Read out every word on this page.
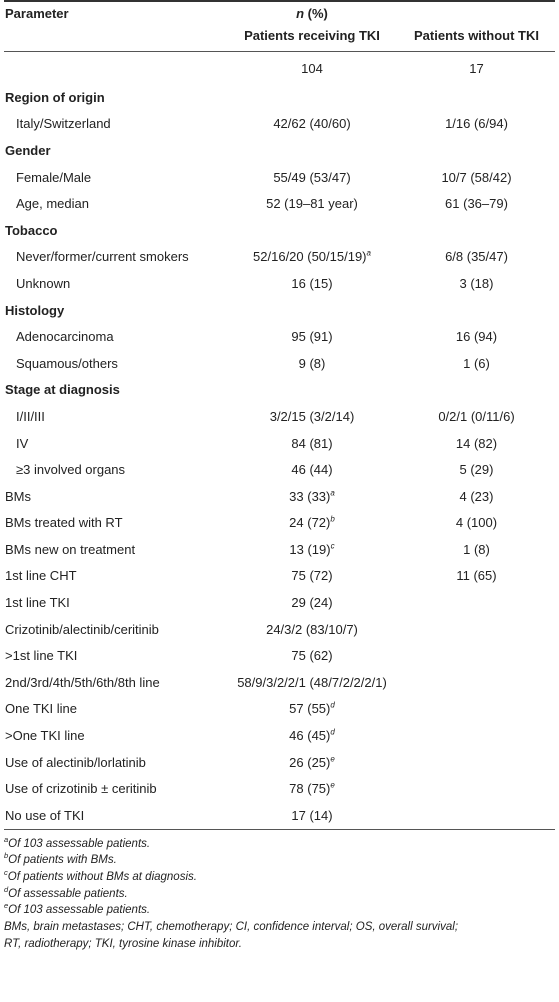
Parameter	n (%)	
	Patients receiving TKI	Patients without TKI
	104	17
Region of origin		
Italy/Switzerland	42/62 (40/60)	1/16 (6/94)
Gender		
Female/Male	55/49 (53/47)	10/7 (58/42)
Age, median	52 (19–81 year)	61 (36–79)
Tobacco		
Never/former/current smokers	52/16/20 $(50/15/19)^a$	6/8 (35/47)
Unknown	16 (15)	3 (18)
Histology		
Adenocarcinoma	95 (91)	16 (94)
Squamous/others	9 (8)	1 (6)
Stage at diagnosis		
I/II/III	3/2/15 (3/2/14)	0/2/1 (0/11/6)
IV	84 (81)	14 (82)
≥3 involved organs	46 (44)	5 (29)
BMs	33 $(33)^a$	4 (23)
BMs treated with RT	24 $(72)^b$	4 (100)
BMs new on treatment	13 $(19)^c$	1 (8)
1st line CHT	75 (72)	11 (65)
1st line TKI	29 (24)	
Crizotinib/alectinib/ceritinib	24/3/2 (83/10/7)	
>1st line TKI	75 (62)	
2nd/3rd/4th/5th/6th/8th line	58/9/3/2/2/1 (48/7/2/2/2/1)	
One TKI line	57 $(55)^d$	
>One TKI line	46 $(45)^d$	
Use of alectinib/lorlatinib	26 $(25)^e$	
Use of crizotinib ± ceritinib	78 $(75)^e$	
No use of TKI	17 (14)	
$^a$Of 103 assessable patients.
$^b$Of patients with BMs.
$^c$Of patients without BMs at diagnosis.
$^d$Of assessable patients.
$^e$Of 103 assessable patients.
BMs, brain metastases; CHT, chemotherapy; CI, confidence interval; OS, overall survival;
RT, radiotherapy; TKI, tyrosine kinase inhibitor.
